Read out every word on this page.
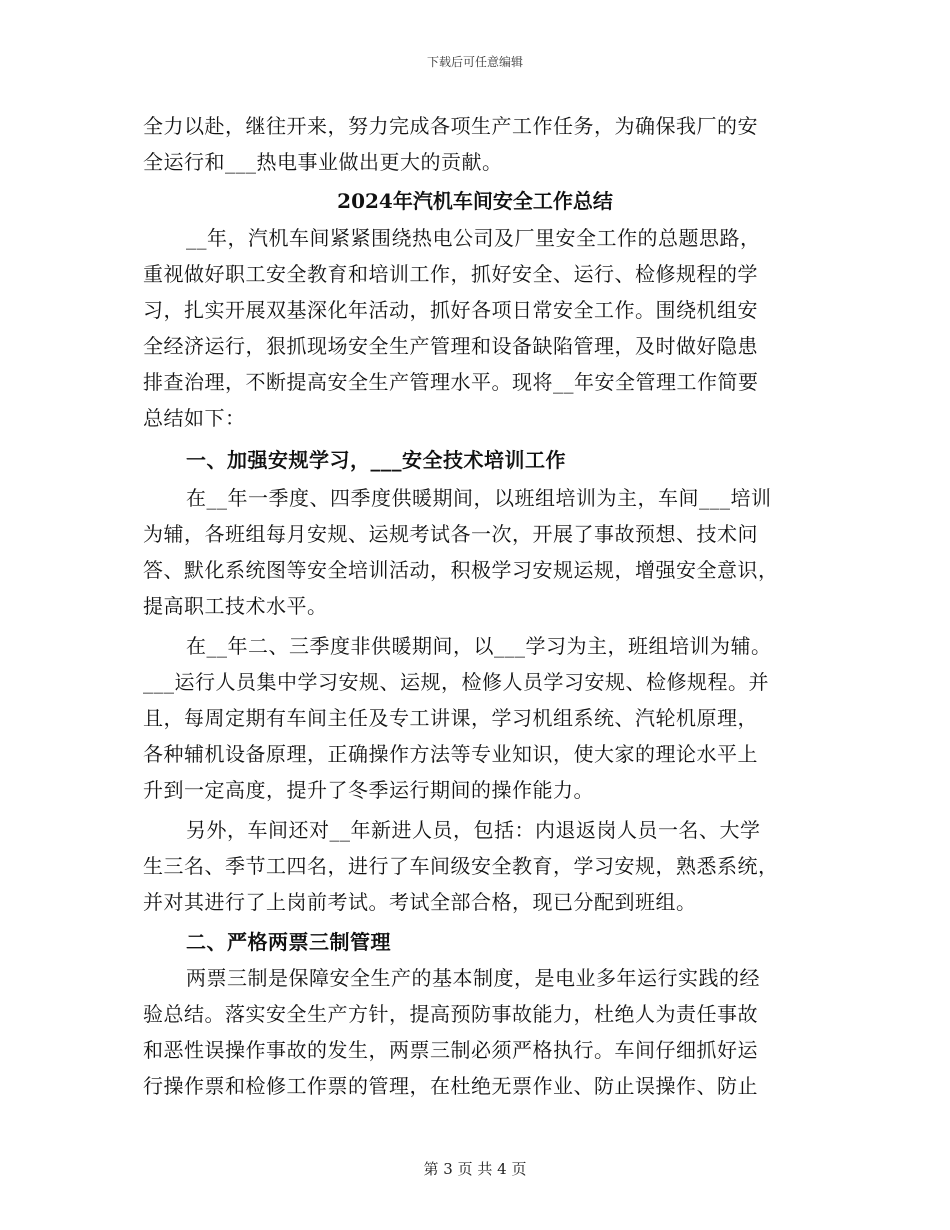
下载后可任意编辑
全力以赴，继往开来，努力完成各项生产工作任务，为确保我厂的安
全运行和___热电事业做出更大的贡献。
2024年汽机车间安全工作总结
__年，汽机车间紧紧围绕热电公司及厂里安全工作的总题思路，
重视做好职工安全教育和培训工作，抓好安全、运行、检修规程的学
习，扎实开展双基深化年活动，抓好各项日常安全工作。围绕机组安
全经济运行，狠抓现场安全生产管理和设备缺陷管理，及时做好隐患
排查治理，不断提高安全生产管理水平。现将__年安全管理工作简要
总结如下：
一、加强安规学习，___安全技术培训工作
在__年一季度、四季度供暖期间，以班组培训为主，车间___培训
为辅，各班组每月安规、运规考试各一次，开展了事故预想、技术问
答、默化系统图等安全培训活动，积极学习安规运规，增强安全意识，
提高职工技术水平。
在__年二、三季度非供暖期间，以___学习为主，班组培训为辅。
___运行人员集中学习安规、运规，检修人员学习安规、检修规程。并
且，每周定期有车间主任及专工讲课，学习机组系统、汽轮机原理，
各种辅机设备原理，正确操作方法等专业知识，使大家的理论水平上
升到一定高度，提升了冬季运行期间的操作能力。
另外，车间还对__年新进人员，包括：内退返岗人员一名、大学
生三名、季节工四名，进行了车间级安全教育，学习安规，熟悉系统，
并对其进行了上岗前考试。考试全部合格，现已分配到班组。
二、严格两票三制管理
两票三制是保障安全生产的基本制度，是电业多年运行实践的经
验总结。落实安全生产方针，提高预防事故能力，杜绝人为责任事故
和恶性误操作事故的发生，两票三制必须严格执行。车间仔细抓好运
行操作票和检修工作票的管理，在杜绝无票作业、防止误操作、防止
第 3 页 共 4 页
